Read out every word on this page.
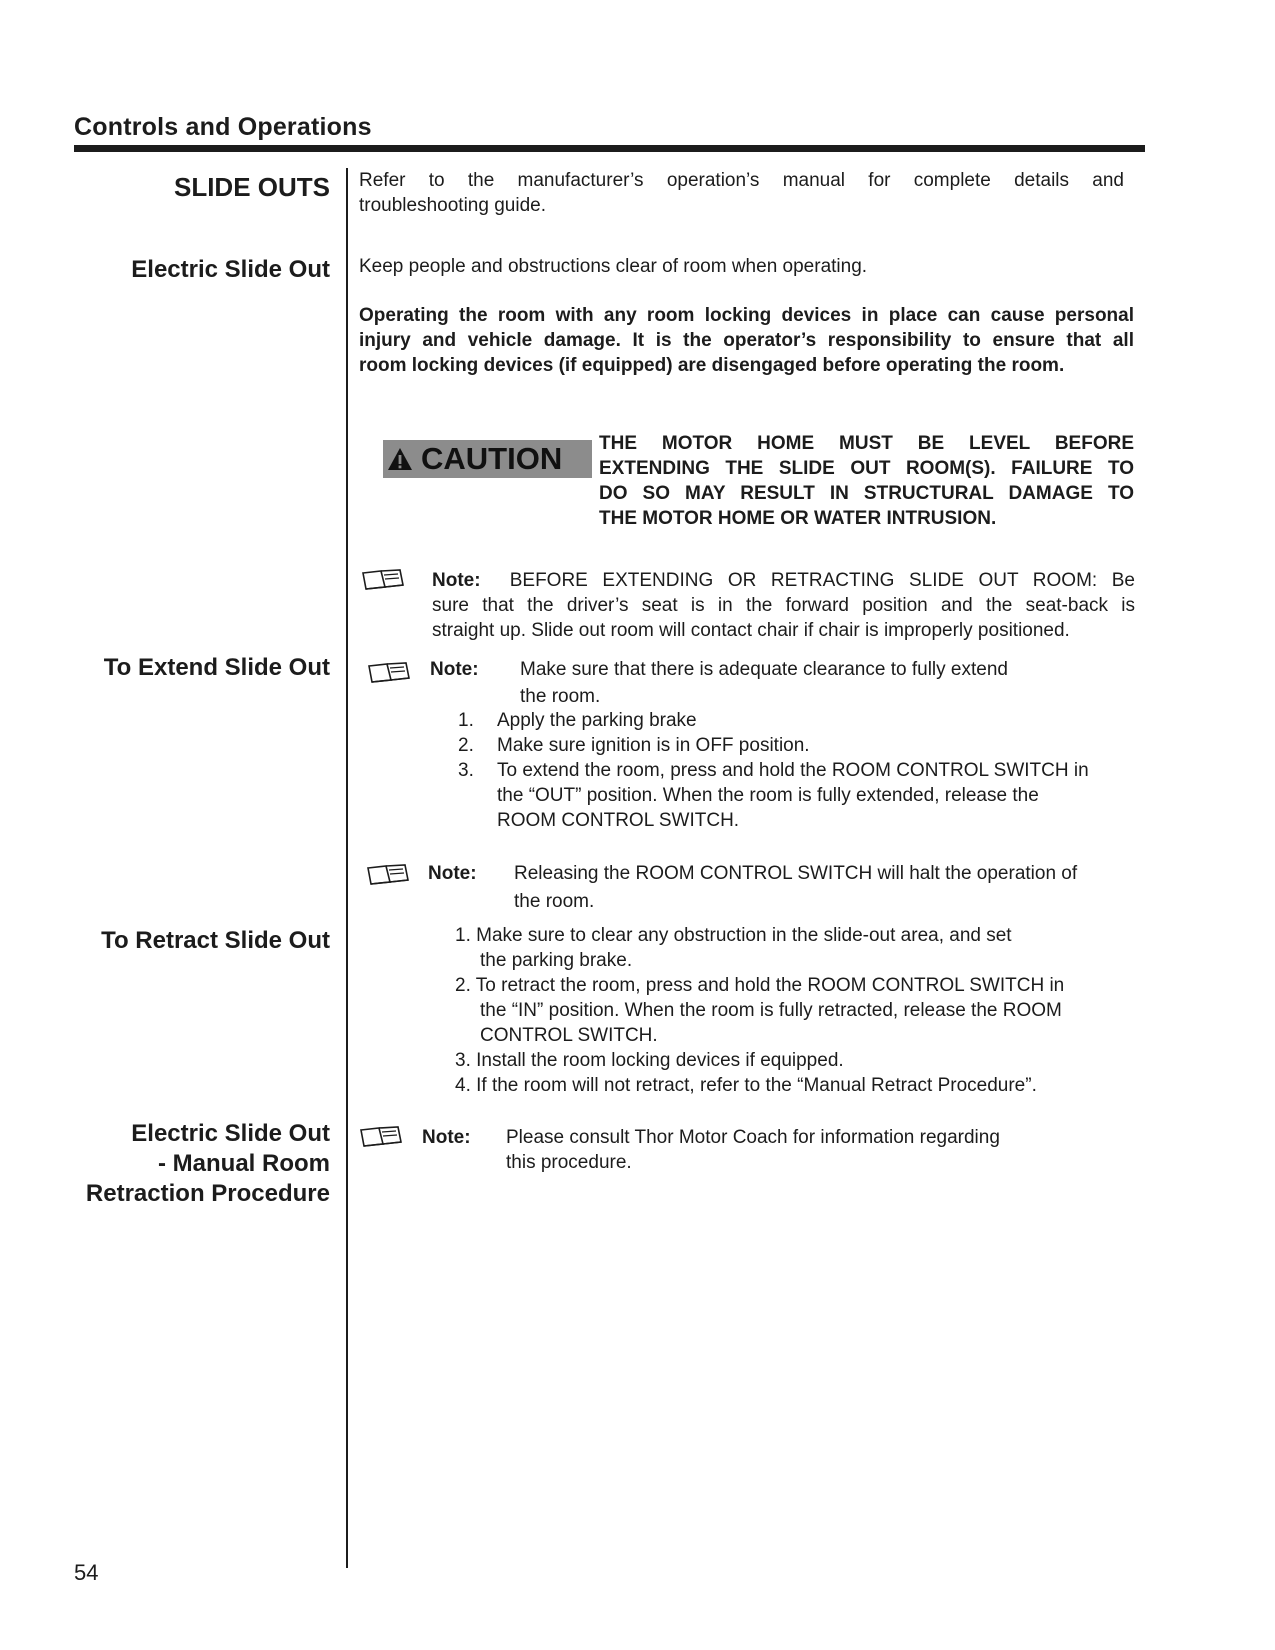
Controls and Operations
SLIDE OUTS
Electric Slide Out
To Extend Slide Out
To Retract Slide Out
Electric Slide Out
- Manual Room
Retraction Procedure
Refer to the manufacturer’s operation’s manual for complete details and
troubleshooting guide.
Keep people and obstructions clear of room when operating.
Operating the room with any room locking devices in place can cause personal
injury and vehicle damage. It is the operator’s responsibility to ensure that all
room locking devices (if equipped) are disengaged before operating the room.
CAUTION THE MOTOR HOME MUST BE LEVEL BEFORE
EXTENDING THE SLIDE OUT ROOM(S). FAILURE TO
DO SO MAY RESULT IN STRUCTURAL DAMAGE TO
THE MOTOR HOME OR WATER INTRUSION.
Note: BEFORE EXTENDING OR RETRACTING SLIDE OUT ROOM: Be
sure that the driver’s seat is in the forward position and the seat-back is
straight up. Slide out room will contact chair if chair is improperly positioned.
Note: Make sure that there is adequate clearance to fully extend
the room.
1. Apply the parking brake
2. Make sure ignition is in OFF position.
3. To extend the room, press and hold the ROOM CONTROL SWITCH in
the “OUT” position. When the room is fully extended, release the
ROOM CONTROL SWITCH.
Note: Releasing the ROOM CONTROL SWITCH will halt the operation of
the room.
1. Make sure to clear any obstruction in the slide-out area, and set
the parking brake.
2. To retract the room, press and hold the ROOM CONTROL SWITCH in
the “IN” position. When the room is fully retracted, release the ROOM
CONTROL SWITCH.
3. Install the room locking devices if equipped.
4. If the room will not retract, refer to the “Manual Retract Procedure”.
Note: Please consult Thor Motor Coach for information regarding
this procedure.
54
